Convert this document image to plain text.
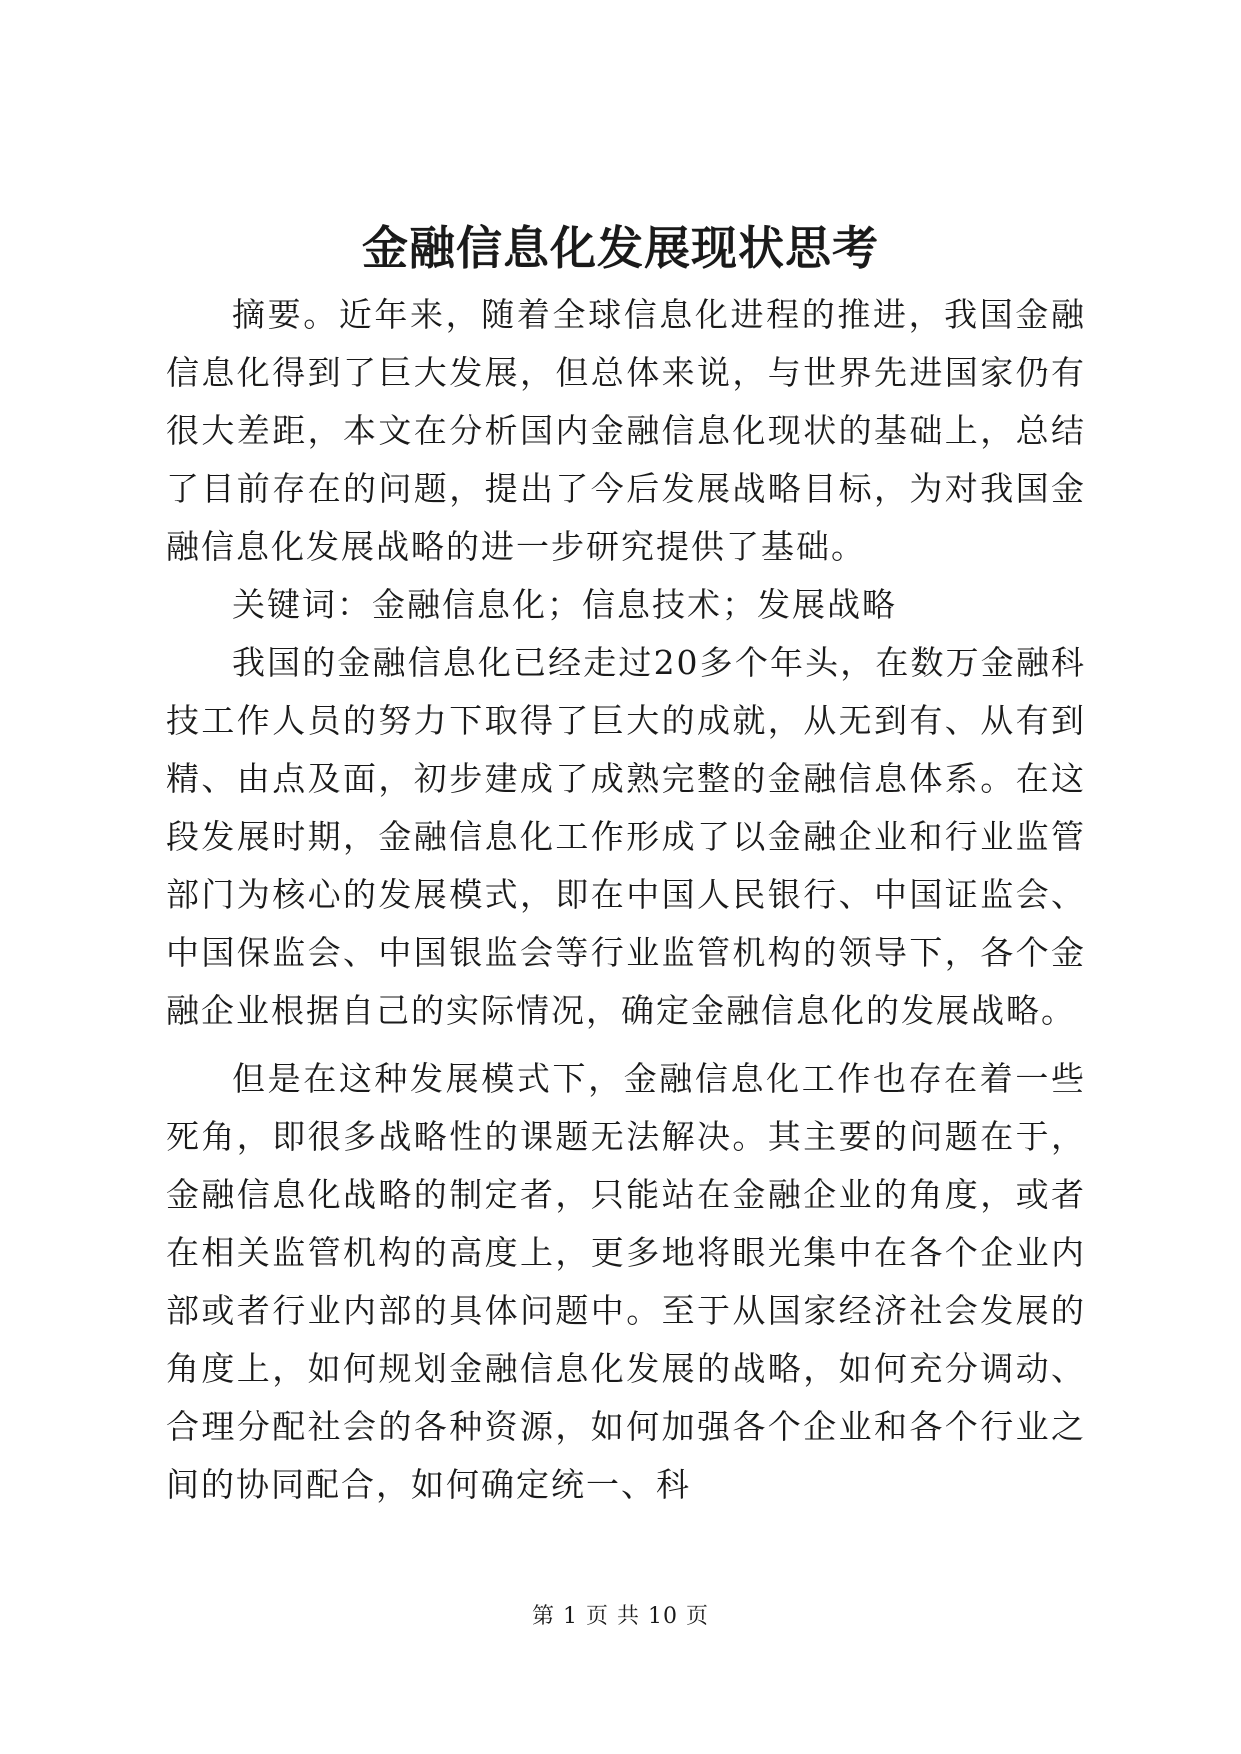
金融信息化发展现状思考

摘要。近年来，随着全球信息化进程的推进，我国金融信息化得到了巨大发展，但总体来说，与世界先进国家仍有很大差距，本文在分析国内金融信息化现状的基础上，总结了目前存在的问题，提出了今后发展战略目标，为对我国金融信息化发展战略的进一步研究提供了基础。

关键词：金融信息化；信息技术；发展战略

我国的金融信息化已经走过20多个年头，在数万金融科技工作人员的努力下取得了巨大的成就，从无到有、从有到精、由点及面，初步建成了成熟完整的金融信息体系。在这段发展时期，金融信息化工作形成了以金融企业和行业监管部门为核心的发展模式，即在中国人民银行、中国证监会、中国保监会、中国银监会等行业监管机构的领导下，各个金融企业根据自己的实际情况，确定金融信息化的发展战略。

但是在这种发展模式下，金融信息化工作也存在着一些死角，即很多战略性的课题无法解决。其主要的问题在于，金融信息化战略的制定者，只能站在金融企业的角度，或者在相关监管机构的高度上，更多地将眼光集中在各个企业内部或者行业内部的具体问题中。至于从国家经济社会发展的角度上，如何规划金融信息化发展的战略，如何充分调动、合理分配社会的各种资源，如何加强各个企业和各个行业之间的协同配合，如何确定统一、科

第 1 页 共 10 页
